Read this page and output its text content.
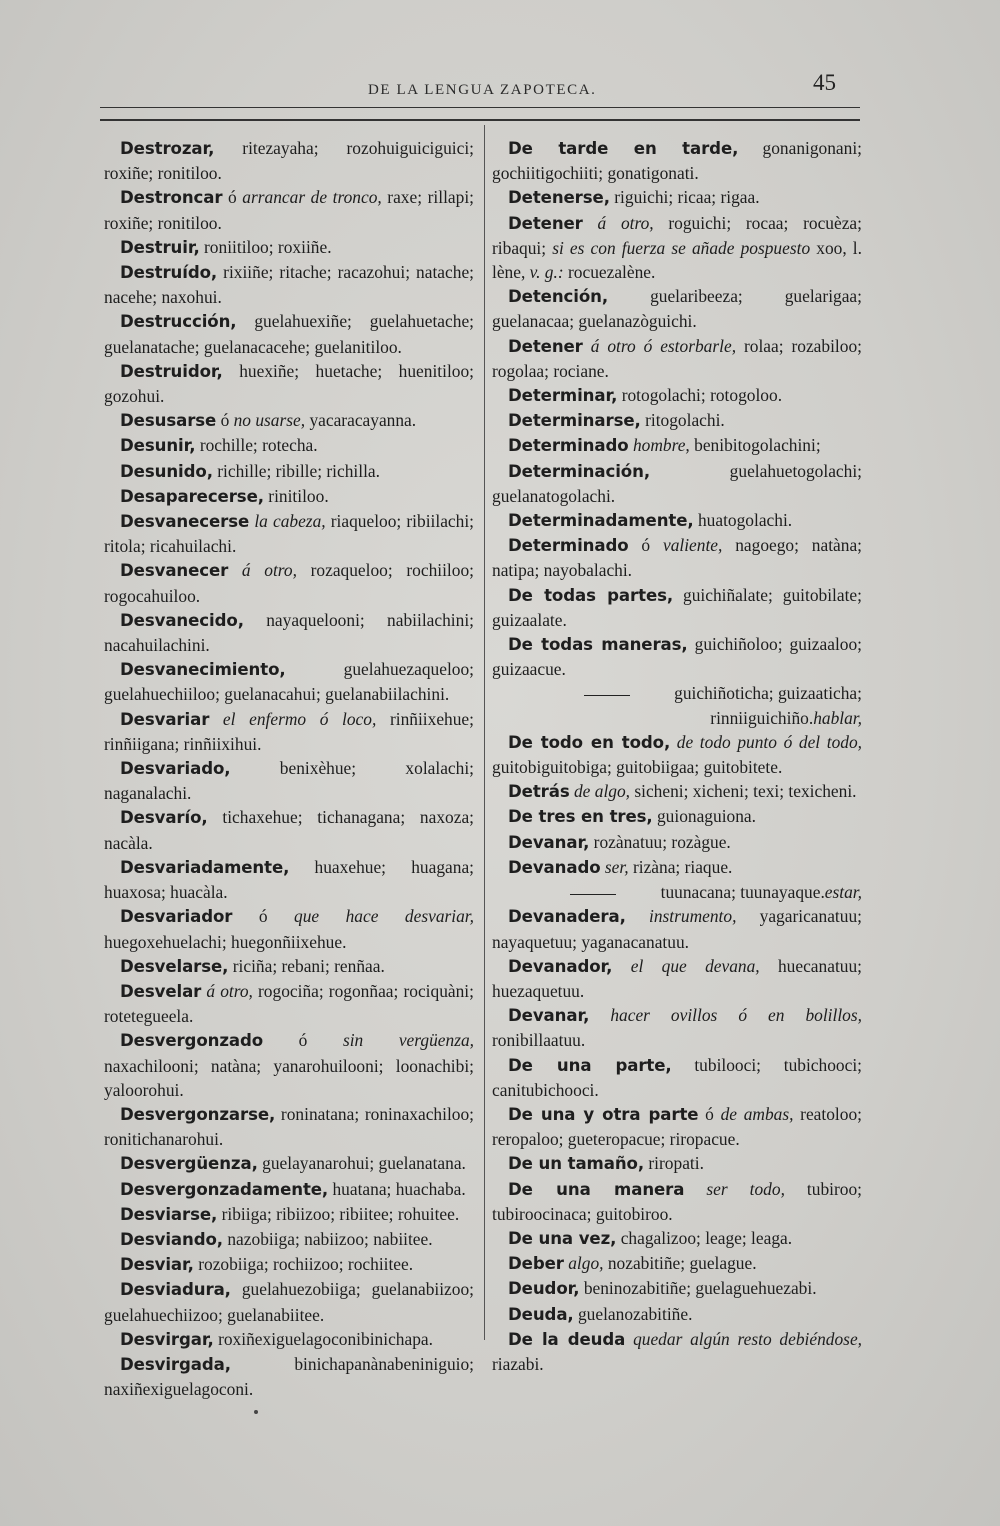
DE LA LENGUA ZAPOTECA.	45

Destrozar, ritezayaha; rozohuiguiciguici; roxiñe; ronitiloo.

Destroncar ó arrancar de tronco, raxe; rillapi; roxiñe; ronitiloo.

Destruir, roniitiloo; roxiiñe.

Destruído, rixiiñe; ritache; racazohui; natache; nacehe; naxohui.

Destrucción, guelahuexiñe; guelahuetache; guelanatache; guelanacacehe; guelanitiloo.

Destruidor, huexiñe; huetache; huenitiloo; gozohui.

Desusarse ó no usarse, yacaracayanna.

Desunir, rochille; rotecha.

Desunido, richille; ribille; richilla.

Desaparecerse, rinitiloo.

Desvanecerse la cabeza, riaqueloo; ribiilachi; ritola; ricahuilachi.

Desvanecer á otro, rozaqueloo; rochiiloo; rogocahuiloo.

Desvanecido, nayaquelooni; nabiilachini; nacahuilachini.

Desvanecimiento, guelahuezaqueloo; guelahuechiiloo; guelanacahui; guelanabiilachini.

Desvariar el enfermo ó loco, rinñiixehue; rinñiigana; rinñiixihui.

Desvariado, benixèhue; xolalachi; naganalachi.

Desvarío, tichaxehue; tichanagana; naxoza; nacàla.

Desvariadamente, huaxehue; huagana; huaxosa; huacàla.

Desvariador ó que hace desvariar, huegoxehuelachi; huegonñiixehue.

Desvelarse, riciña; rebani; renñaa.

Desvelar á otro, rogociña; rogonñaa; rociquàni; rotetegueela.

Desvergonzado ó sin vergüenza, naxachilooni; natàna; yanarohuilooni; loonachibi; yaloorohui.

Desvergonzarse, roninatana; roninaxachiloo; ronitichanarohui.

Desvergüenza, guelayanarohui; guelanatana.

Desvergonzadamente, huatana; huachaba.

Desviarse, ribiiga; ribiizoo; ribiitee; rohuitee.

Desviando, nazobiiga; nabiizoo; nabiitee.

Desviar, rozobiiga; rochiizoo; rochiitee.

Desviadura, guelahuezobiiga; guelanabiizoo; guelahuechiizoo; guelanabiitee.

Desvirgar, roxiñexiguelagoconibinichapa.

Desvirgada, binichapanànabeniniguio; naxiñexiguelagoconi.

De tarde en tarde, gonanigonani; gochiitigochiiti; gonatigonati.

Detenerse, riguichi; ricaa; rigaa.

Detener á otro, roguichi; rocaa; rocuèza; ribaqui; si es con fuerza se añade pospuesto xoo, l. lène, v. g.: rocuezalène.

Detención, guelaribeeza; guelarigaa; guelanacaa; guelanazòguichi.

Detener á otro ó estorbarle, rolaa; rozabiloo; rogolaa; rociane.

Determinar, rotogolachi; rotogoloo.

Determinarse, ritogolachi.

Determinado hombre, benibitogolachini;

Determinación, guelahuetogolachi; guelanatogolachi.

Determinadamente, huatogolachi.

Determinado ó valiente, nagoego; natàna; natipa; nayobalachi.

De todas partes, guichiñalate; guitobilate; guizaalate.

De todas maneras, guichiñoloo; guizaaloo; guizaacue.

guichiñoticha; guizaaticha; rinniiguichiño.hablar,

De todo en todo, de todo punto ó del todo, guitobiguitobiga; guitobiigaa; guitobitete.

Detrás de algo, sicheni; xicheni; texi; texicheni.

De tres en tres, guionaguiona.

Devanar, rozànatuu; rozàgue.

Devanado ser, rizàna; riaque.

tuunacana; tuunayaque.estar,

Devanadera, instrumento, yagaricanatuu; nayaquetuu; yaganacanatuu.

Devanador, el que devana, huecanatuu; huezaquetuu.

Devanar, hacer ovillos ó en bolillos, ronibillaatuu.

De una parte, tubilooci; tubichooci; canitubichooci.

De una y otra parte ó de ambas, reatoloo; reropaloo; gueteropacue; riropacue.

De un tamaño, riropati.

De una manera ser todo, tubiroo; tubiroocinaca; guitobiroo.

De una vez, chagalizoo; leage; leaga.

Deber algo, nozabitiñe; guelague.

Deudor, beninozabitiñe; guelaguehuezabi.

Deuda, guelanozabitiñe.

De la deuda quedar algún resto debiéndose, riazabi.
